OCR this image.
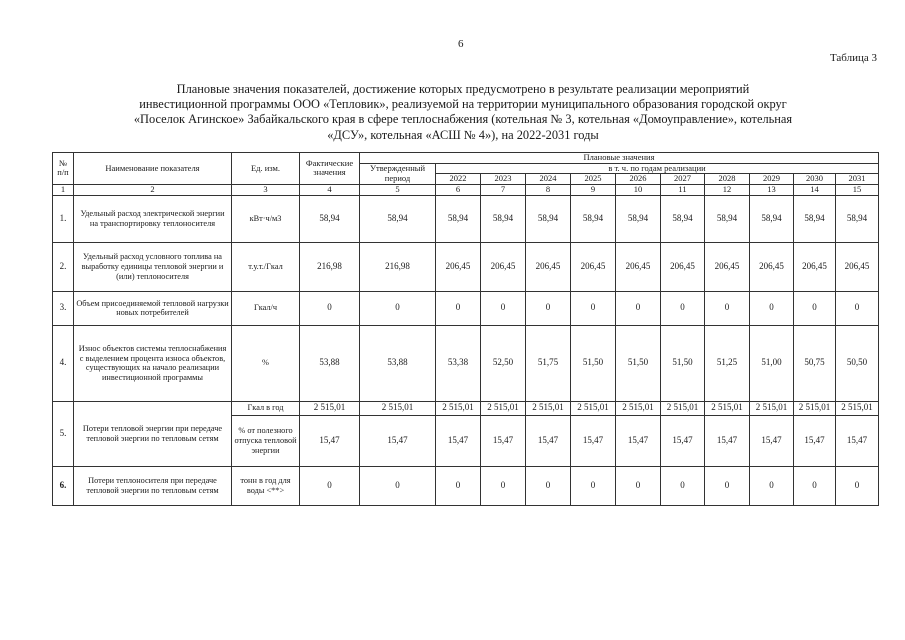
6
Таблица 3
Плановые значения показателей, достижение которых предусмотрено в результате реализации мероприятий
инвестиционной программы ООО «Тепловик», реализуемой на территории муниципального образования городской округ
«Поселок Агинское» Забайкальского края в сфере теплоснабжения (котельная № 3, котельная «Домоуправление», котельная
«ДСУ», котельная «АСШ № 4»), на 2022-2031 годы
№ п/п	Наименование показателя	Ед. изм.	Фактические значения	Плановые значения										
				Утвержденный период	в т. ч. по годам реализации									
					2022	2023	2024	2025	2026	2027	2028	2029	2030	2031
1	2	3	4	5	6	7	8	9	10	11	12	13	14	15
1.	Удельный расход электрической энергии на транспортировку теплоносителя	кВт·ч/м3	58,94	58,94	58,94	58,94	58,94	58,94	58,94	58,94	58,94	58,94	58,94	58,94
2.	Удельный расход условного топлива на выработку единицы тепловой энергии и (или) теплоносителя	т.у.т./Гкал	216,98	216,98	206,45	206,45	206,45	206,45	206,45	206,45	206,45	206,45	206,45	206,45
3.	Объем присоединяемой тепловой нагрузки новых потребителей	Гкал/ч	0	0	0	0	0	0	0	0	0	0	0	0
4.	Износ объектов системы теплоснабжения с выделением процента износа объектов, существующих на начало реализации инвестиционной программы	%	53,88	53,88	53,38	52,50	51,75	51,50	51,50	51,50	51,25	51,00	50,75	50,50
5.	Потери тепловой энергии при передаче тепловой энергии по тепловым сетям	Гкал в год	2 515,01	2 515,01	2 515,01	2 515,01	2 515,01	2 515,01	2 515,01	2 515,01	2 515,01	2 515,01	2 515,01	2 515,01
		% от полезного отпуска тепловой энергии	15,47	15,47	15,47	15,47	15,47	15,47	15,47	15,47	15,47	15,47	15,47	15,47
6.	Потери теплоносителя при передаче тепловой энергии по тепловым сетям	тонн в год для воды <**>	0	0	0	0	0	0	0	0	0	0	0	0
